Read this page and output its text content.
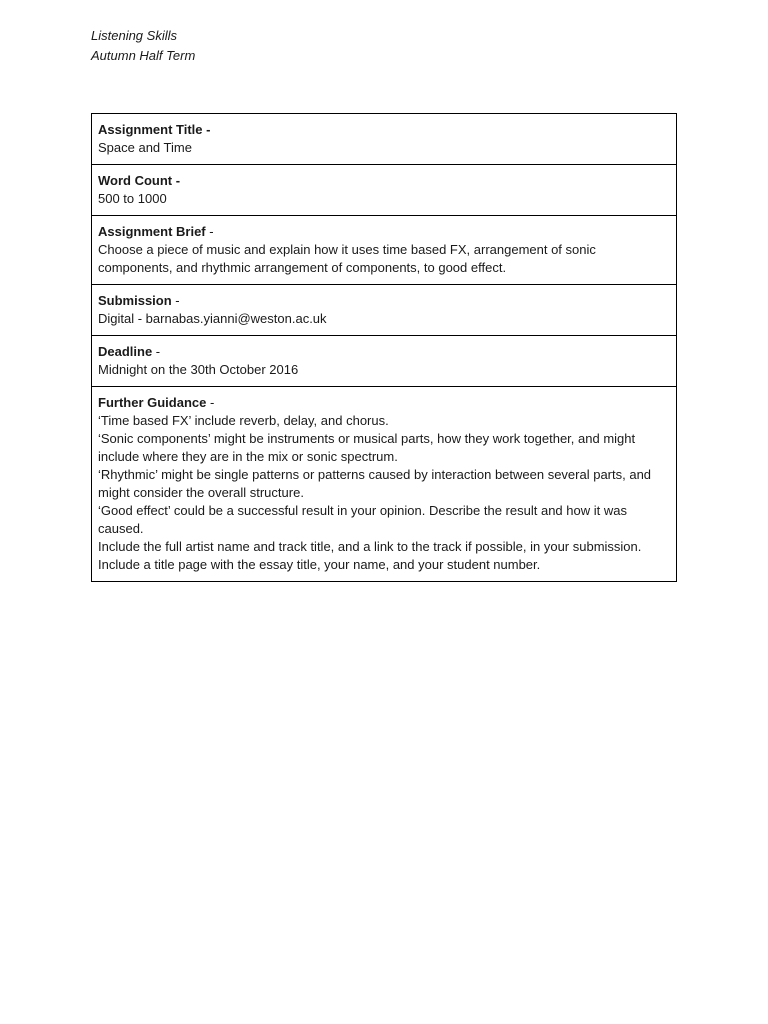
Listening Skills
Autumn Half Term
Assignment Title -
Space and Time
Word Count -
500 to 1000
Assignment Brief -
Choose a piece of music and explain how it uses time based FX, arrangement of sonic components, and rhythmic arrangement of components, to good effect.
Submission -
Digital - barnabas.yianni@weston.ac.uk
Deadline -
Midnight on the 30th October 2016
Further Guidance -
‘Time based FX’ include reverb, delay, and chorus.
‘Sonic components’ might be instruments or musical parts, how they work together, and might include where they are in the mix or sonic spectrum.
‘Rhythmic’ might be single patterns or patterns caused by interaction between several parts, and might consider the overall structure.
‘Good effect’ could be a successful result in your opinion. Describe the result and how it was caused.
Include the full artist name and track title, and a link to the track if possible, in your submission.
Include a title page with the essay title, your name, and your student number.
